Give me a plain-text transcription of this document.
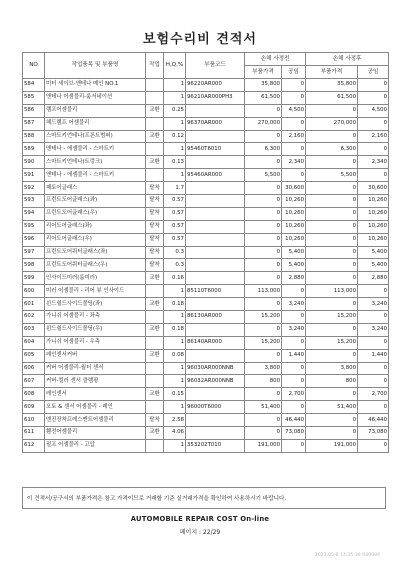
보험수리비 견적서
NO	작업품목 및 부품명	작업	H,Q,%	부품코드	손해 사정전		손해 사정후	
					부품가격	공임	부품가격	공임
584	미터 세이브-앤테나 메인 NO.1		1	96220AR000	35,800	0	35,800	0
585	앤테나 어셈블리-룸서네이션		1	96210AR000PH3	61,500	0	61,500	0
586	램프어셈블리	교환	0.25		0	4,500	0	4,500
587	헤드램프 어셈블리		1	96370AR000	270,000	0	270,000	0
588	스마트키언테나(프론트범퍼)	교환	0.12		0	2,160	0	2,160
589	앤테나 - 에셈블리 - 스마트키		1	95460T6010	6,300	0	6,300	0
590	스마트키언테나(트렁크)	교환	0.13		0	2,340	0	2,340
591	앤테나 - 에셈블리 - 스마트키		1	95460AR000	5,500	0	5,500	0
592	패토어글래스	탈착	1.7		0	30,600	0	30,600
593	프런트도어글래스(좌)	탈착	0.57		0	10,260	0	10,260
594	프런트도어글래스(우)	탈착	0.57		0	10,260	0	10,260
595	리어도어글래스(좌)	탈착	0.57		0	10,260	0	10,260
596	리어도어글래스(우)	탈착	0.57		0	10,260	0	10,260
597	프런트도어쿼터글래스(좌)	탈착	0.3		0	5,400	0	5,400
598	프런트도어쿼터글래스(우)	탈착	0.3		0	5,400	0	5,400
599	인사이드미러(룸미러)	교환	0.16		0	2,880	0	2,880
600	미러 어셈블리 - 리어 뷰 인사이드		1	85110T6000	113,000	0	113,000	0
601	윈드쉴드사이드몰딩(좌)	교환	0.18		0	3,240	0	3,240
602	가니쉬 어셈블리 - 좌측		1	86130AR000	15,200	0	15,200	0
603	윈드쉴드사이드몰딩(우)	교환	0.18		0	3,240	0	3,240
604	가니쉬 어셈블리 - 우측		1	86140AR000	15,200	0	15,200	0
605	레인센서커버	교환	0.08		0	1,440	0	1,440
606	커버 어셈블리-윌터 센서		1	96030AR000NNB	3,800	0	3,800	0
607	커버-컬러 센서 클램핑		1	96032AR000NNB	800	0	800	0
608	레인센서	교환	0.15		0	2,700	0	2,700
609	오토 & 센서 어셈블리 - 레인		1	96000T6000	51,400	0	51,400	0
610	엔진장착프레스멘트어셈블리	탈착	2.58		0	46,440	0	46,440
611	휀전어셈블리	교환	4.06		0	73,080	0	73,080
612	펄프 어셈블리 - 고압		1	353202T010	191,000	0	191,000	0
이 견적서/공구서의 부품가격은 참고 가격이므로 거래할 기준 실거래가격을 확인하여 사용하시기 바랍니다.
AUTOMOBILE REPAIR COST On-line
페이지 : 22/29
2023-05-B 14:35:39 R00086
